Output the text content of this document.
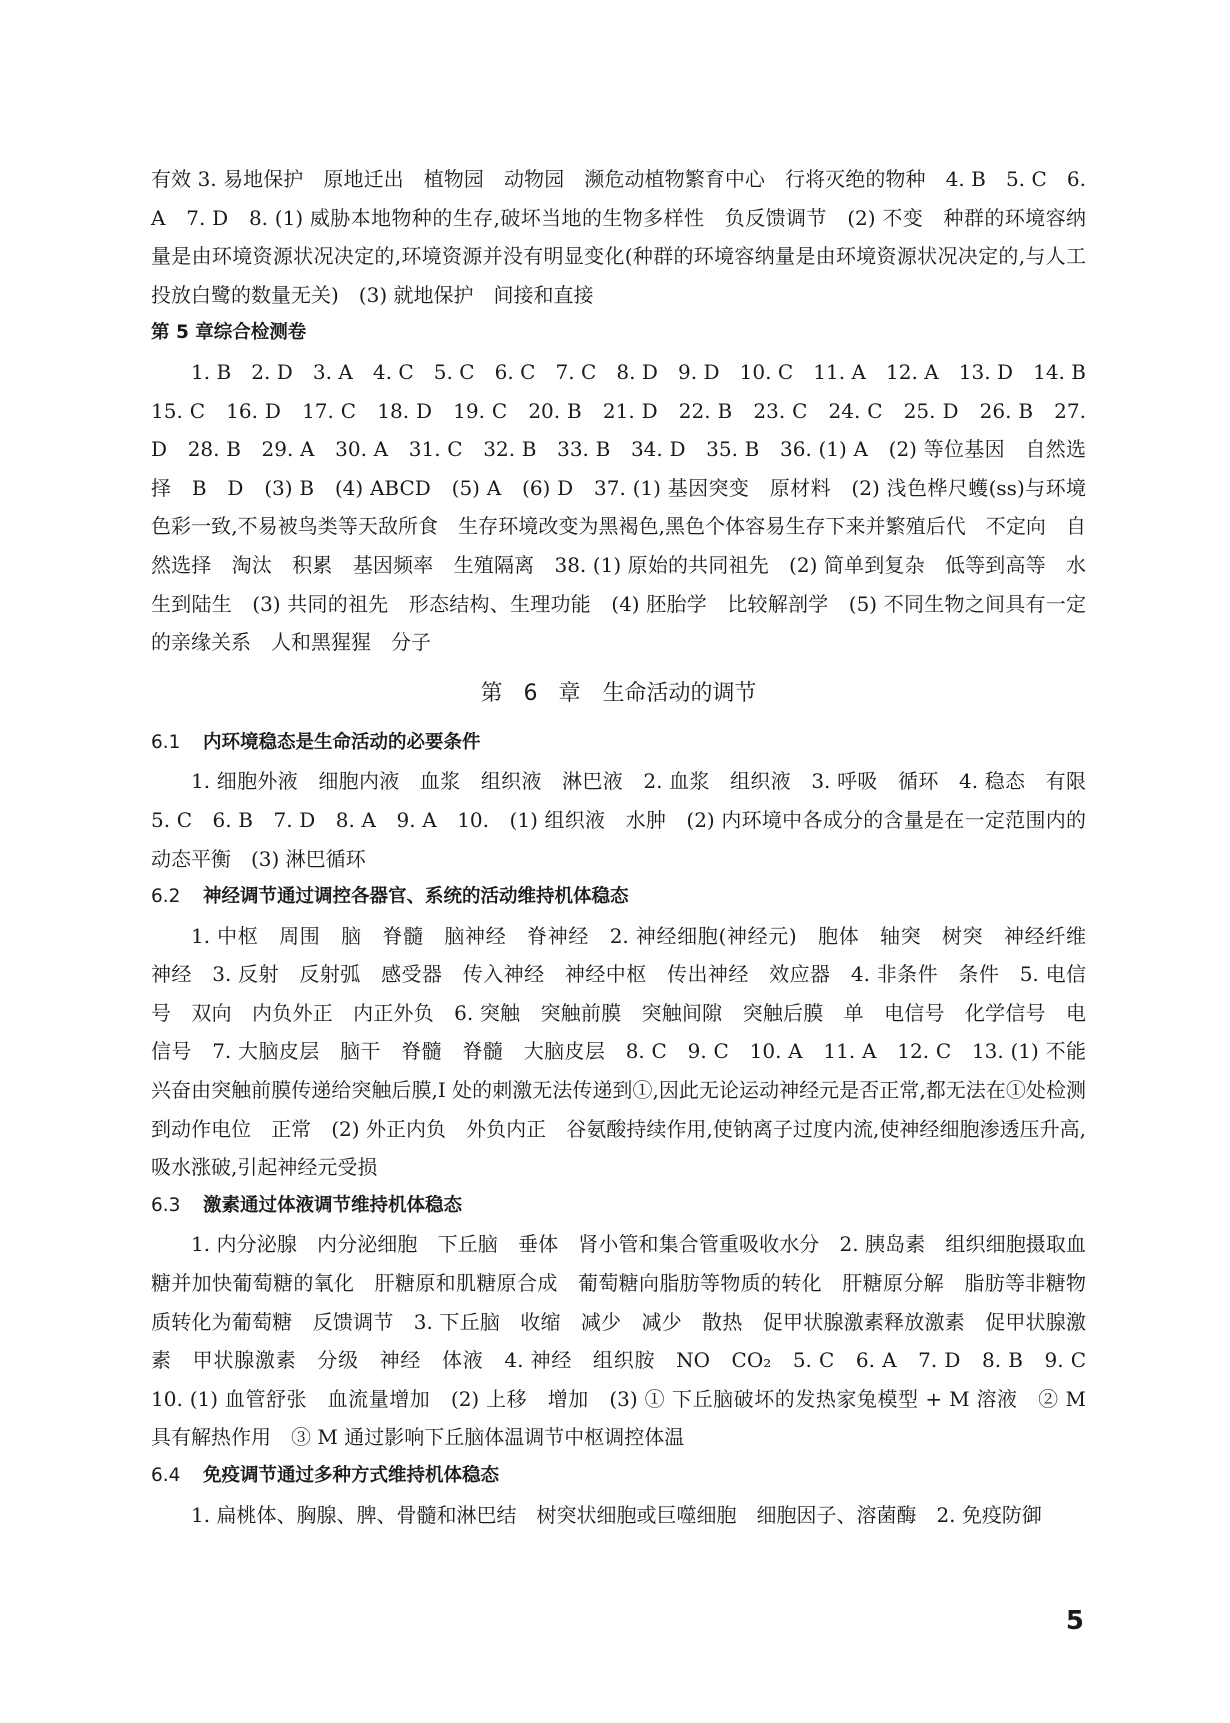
有效 3. 易地保护　原地迁出　植物园　动物园　濒危动植物繁育中心　行将灭绝的物种　4. B　5. C　6. A　7. D　8. (1) 威胁本地物种的生存,破坏当地的生物多样性　负反馈调节　(2) 不变　种群的环境容纳量是由环境资源状况决定的,环境资源并没有明显变化(种群的环境容纳量是由环境资源状况决定的,与人工投放白鹭的数量无关)　(3) 就地保护　间接和直接

第 5 章综合检测卷

1. B　2. D　3. A　4. C　5. C　6. C　7. C　8. D　9. D　10. C　11. A　12. A　13. D　14. B　15. C　16. D　17. C　18. D　19. C　20. B　21. D　22. B　23. C　24. C　25. D　26. B　27. D　28. B　29. A　30. A　31. C　32. B　33. B　34. D　35. B　36. (1) A　(2) 等位基因　自然选择　B　D　(3) B　(4) ABCD　(5) A　(6) D　37. (1) 基因突变　原材料　(2) 浅色桦尺蠖(ss)与环境色彩一致,不易被鸟类等天敌所食　生存环境改变为黑褐色,黑色个体容易生存下来并繁殖后代　不定向　自然选择　淘汰　积累　基因频率　生殖隔离　38. (1) 原始的共同祖先　(2) 简单到复杂　低等到高等　水生到陆生　(3) 共同的祖先　形态结构、生理功能　(4) 胚胎学　比较解剖学　(5) 不同生物之间具有一定的亲缘关系　人和黑猩猩　分子

第 6 章　生命活动的调节
6.1 内环境稳态是生命活动的必要条件

1. 细胞外液　细胞内液　血浆　组织液　淋巴液　2. 血浆　组织液　3. 呼吸　循环　4. 稳态　有限　5. C　6. B　7. D　8. A　9. A　10.　(1) 组织液　水肿　(2) 内环境中各成分的含量是在一定范围内的动态平衡　(3) 淋巴循环

6.2 神经调节通过调控各器官、系统的活动维持机体稳态

1. 中枢　周围　脑　脊髓　脑神经　脊神经　2. 神经细胞(神经元)　胞体　轴突　树突　神经纤维　神经　3. 反射　反射弧　感受器　传入神经　神经中枢　传出神经　效应器　4. 非条件　条件　5. 电信号　双向　内负外正　内正外负　6. 突触　突触前膜　突触间隙　突触后膜　单　电信号　化学信号　电信号　7. 大脑皮层　脑干　脊髓　脊髓　大脑皮层　8. C　9. C　10. A　11. A　12. C　13. (1) 不能　兴奋由突触前膜传递给突触后膜,I 处的刺激无法传递到①,因此无论运动神经元是否正常,都无法在①处检测到动作电位　正常　(2) 外正内负　外负内正　谷氨酸持续作用,使钠离子过度内流,使神经细胞渗透压升高,吸水涨破,引起神经元受损

6.3 激素通过体液调节维持机体稳态

1. 内分泌腺　内分泌细胞　下丘脑　垂体　肾小管和集合管重吸收水分　2. 胰岛素　组织细胞摄取血糖并加快葡萄糖的氧化　肝糖原和肌糖原合成　葡萄糖向脂肪等物质的转化　肝糖原分解　脂肪等非糖物质转化为葡萄糖　反馈调节　3. 下丘脑　收缩　减少　减少　散热　促甲状腺激素释放激素　促甲状腺激素　甲状腺激素　分级　神经　体液　4. 神经　组织胺　NO　CO₂　5. C　6. A　7. D　8. B　9. C　10. (1) 血管舒张　血流量增加　(2) 上移　增加　(3) ① 下丘脑破坏的发热家兔模型 + M 溶液　② M 具有解热作用　③ M 通过影响下丘脑体温调节中枢调控体温

6.4 免疫调节通过多种方式维持机体稳态

1. 扁桃体、胸腺、脾、骨髓和淋巴结　树突状细胞或巨噬细胞　细胞因子、溶菌酶　2. 免疫防御

5
